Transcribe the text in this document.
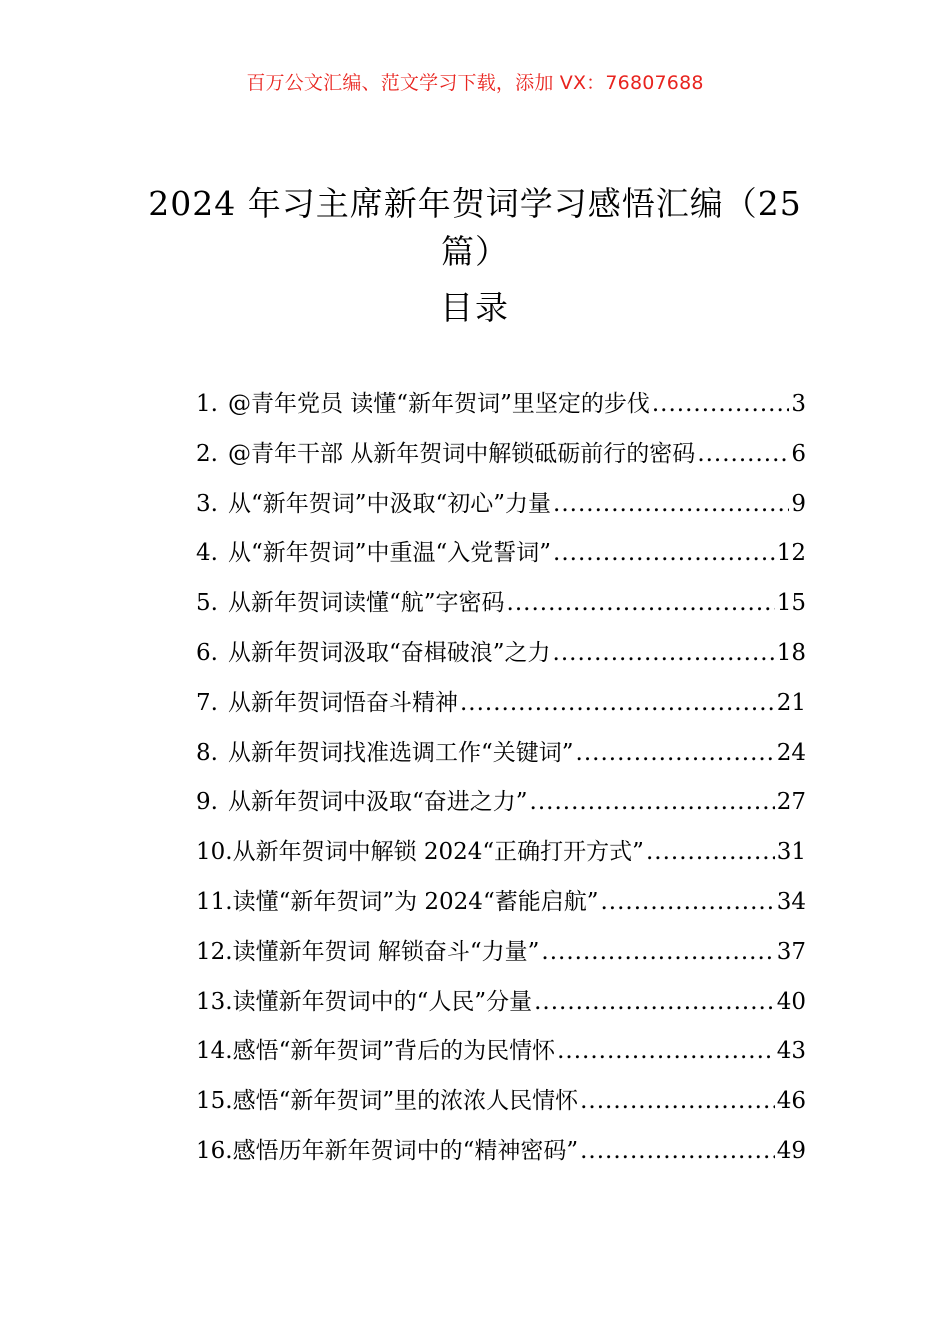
百万公文汇编、范文学习下载，添加 VX：76807688
2024 年习主席新年贺词学习感悟汇编（25 篇）
目录
1. @青年党员 读懂“新年贺词”里坚定的步伐 .....	3
2. @青年干部 从新年贺词中解锁砥砺前行的密码 .....	6
3. 从“新年贺词”中汲取“初心”力量 .....	9
4. 从“新年贺词”中重温“入党誓词” .....	12
5. 从新年贺词读懂“航”字密码 .....	15
6. 从新年贺词汲取“奋楫破浪”之力 .....	18
7. 从新年贺词悟奋斗精神 .....	21
8. 从新年贺词找准选调工作“关键词” .....	24
9. 从新年贺词中汲取“奋进之力” .....	27
10. 从新年贺词中解锁 2024“正确打开方式” .....	31
11. 读懂“新年贺词”为 2024“蓄能启航” .....	34
12. 读懂新年贺词 解锁奋斗“力量” .....	37
13. 读懂新年贺词中的“人民”分量 .....	40
14. 感悟“新年贺词”背后的为民情怀 .....	43
15. 感悟“新年贺词”里的浓浓人民情怀 .....	46
16. 感悟历年新年贺词中的“精神密码” .....	49
